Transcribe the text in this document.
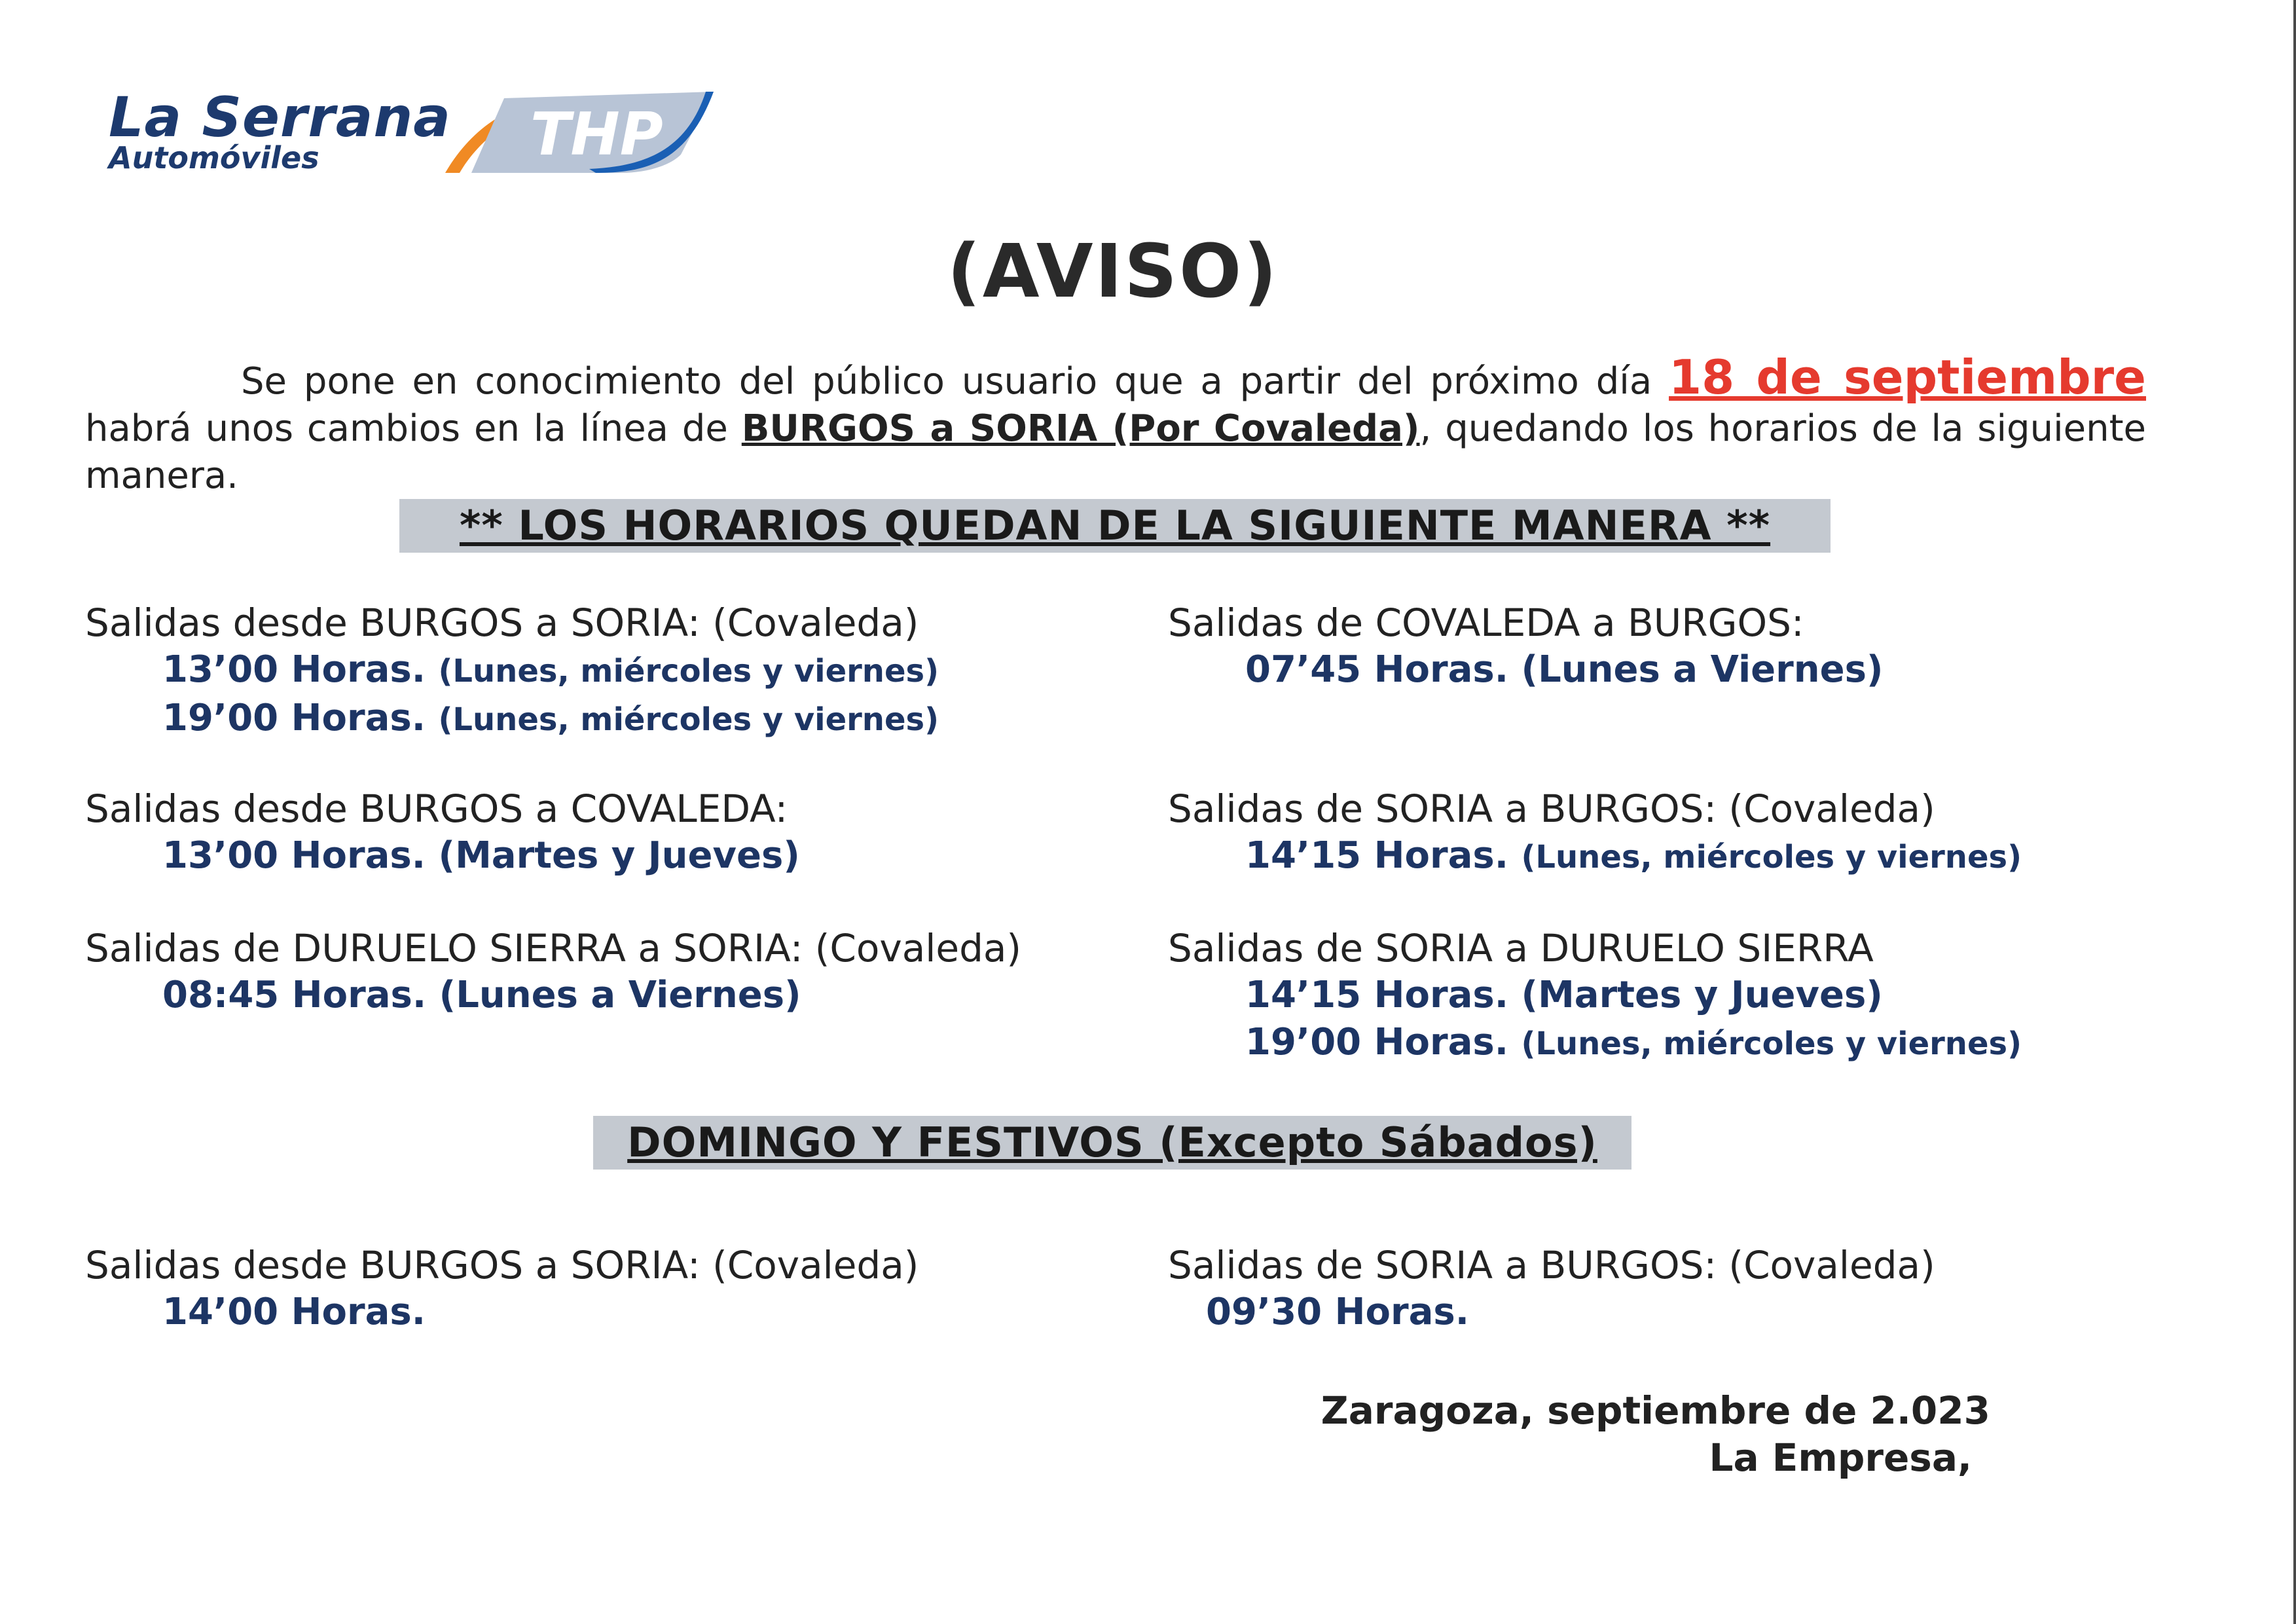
La Serrana
Automóviles	THP
(AVISO)
Se pone en conocimiento del público usuario que a partir del próximo día 18 de septiembre habrá unos cambios en la línea de BURGOS a SORIA (Por Covaleda), quedando los horarios de la siguiente manera.
** LOS HORARIOS QUEDAN DE LA SIGUIENTE MANERA **
Salidas desde BURGOS a SORIA: (Covaleda)
13’00 Horas. (Lunes, miércoles y viernes)
19’00 Horas. (Lunes, miércoles y viernes)
Salidas desde BURGOS a COVALEDA:
13’00 Horas. (Martes y Jueves)
Salidas de DURUELO SIERRA a SORIA: (Covaleda)
08:45 Horas. (Lunes a Viernes)
Salidas de COVALEDA a BURGOS:
07’45 Horas. (Lunes a Viernes)
Salidas de SORIA a BURGOS: (Covaleda)
14’15 Horas. (Lunes, miércoles y viernes)
Salidas de SORIA a DURUELO SIERRA
14’15 Horas. (Martes y Jueves)
19’00 Horas. (Lunes, miércoles y viernes)
DOMINGO Y FESTIVOS (Excepto Sábados)
Salidas desde BURGOS a SORIA: (Covaleda)
14’00 Horas.
Salidas de SORIA a BURGOS: (Covaleda)
09’30 Horas.
Zaragoza, septiembre de 2.023
La Empresa,
